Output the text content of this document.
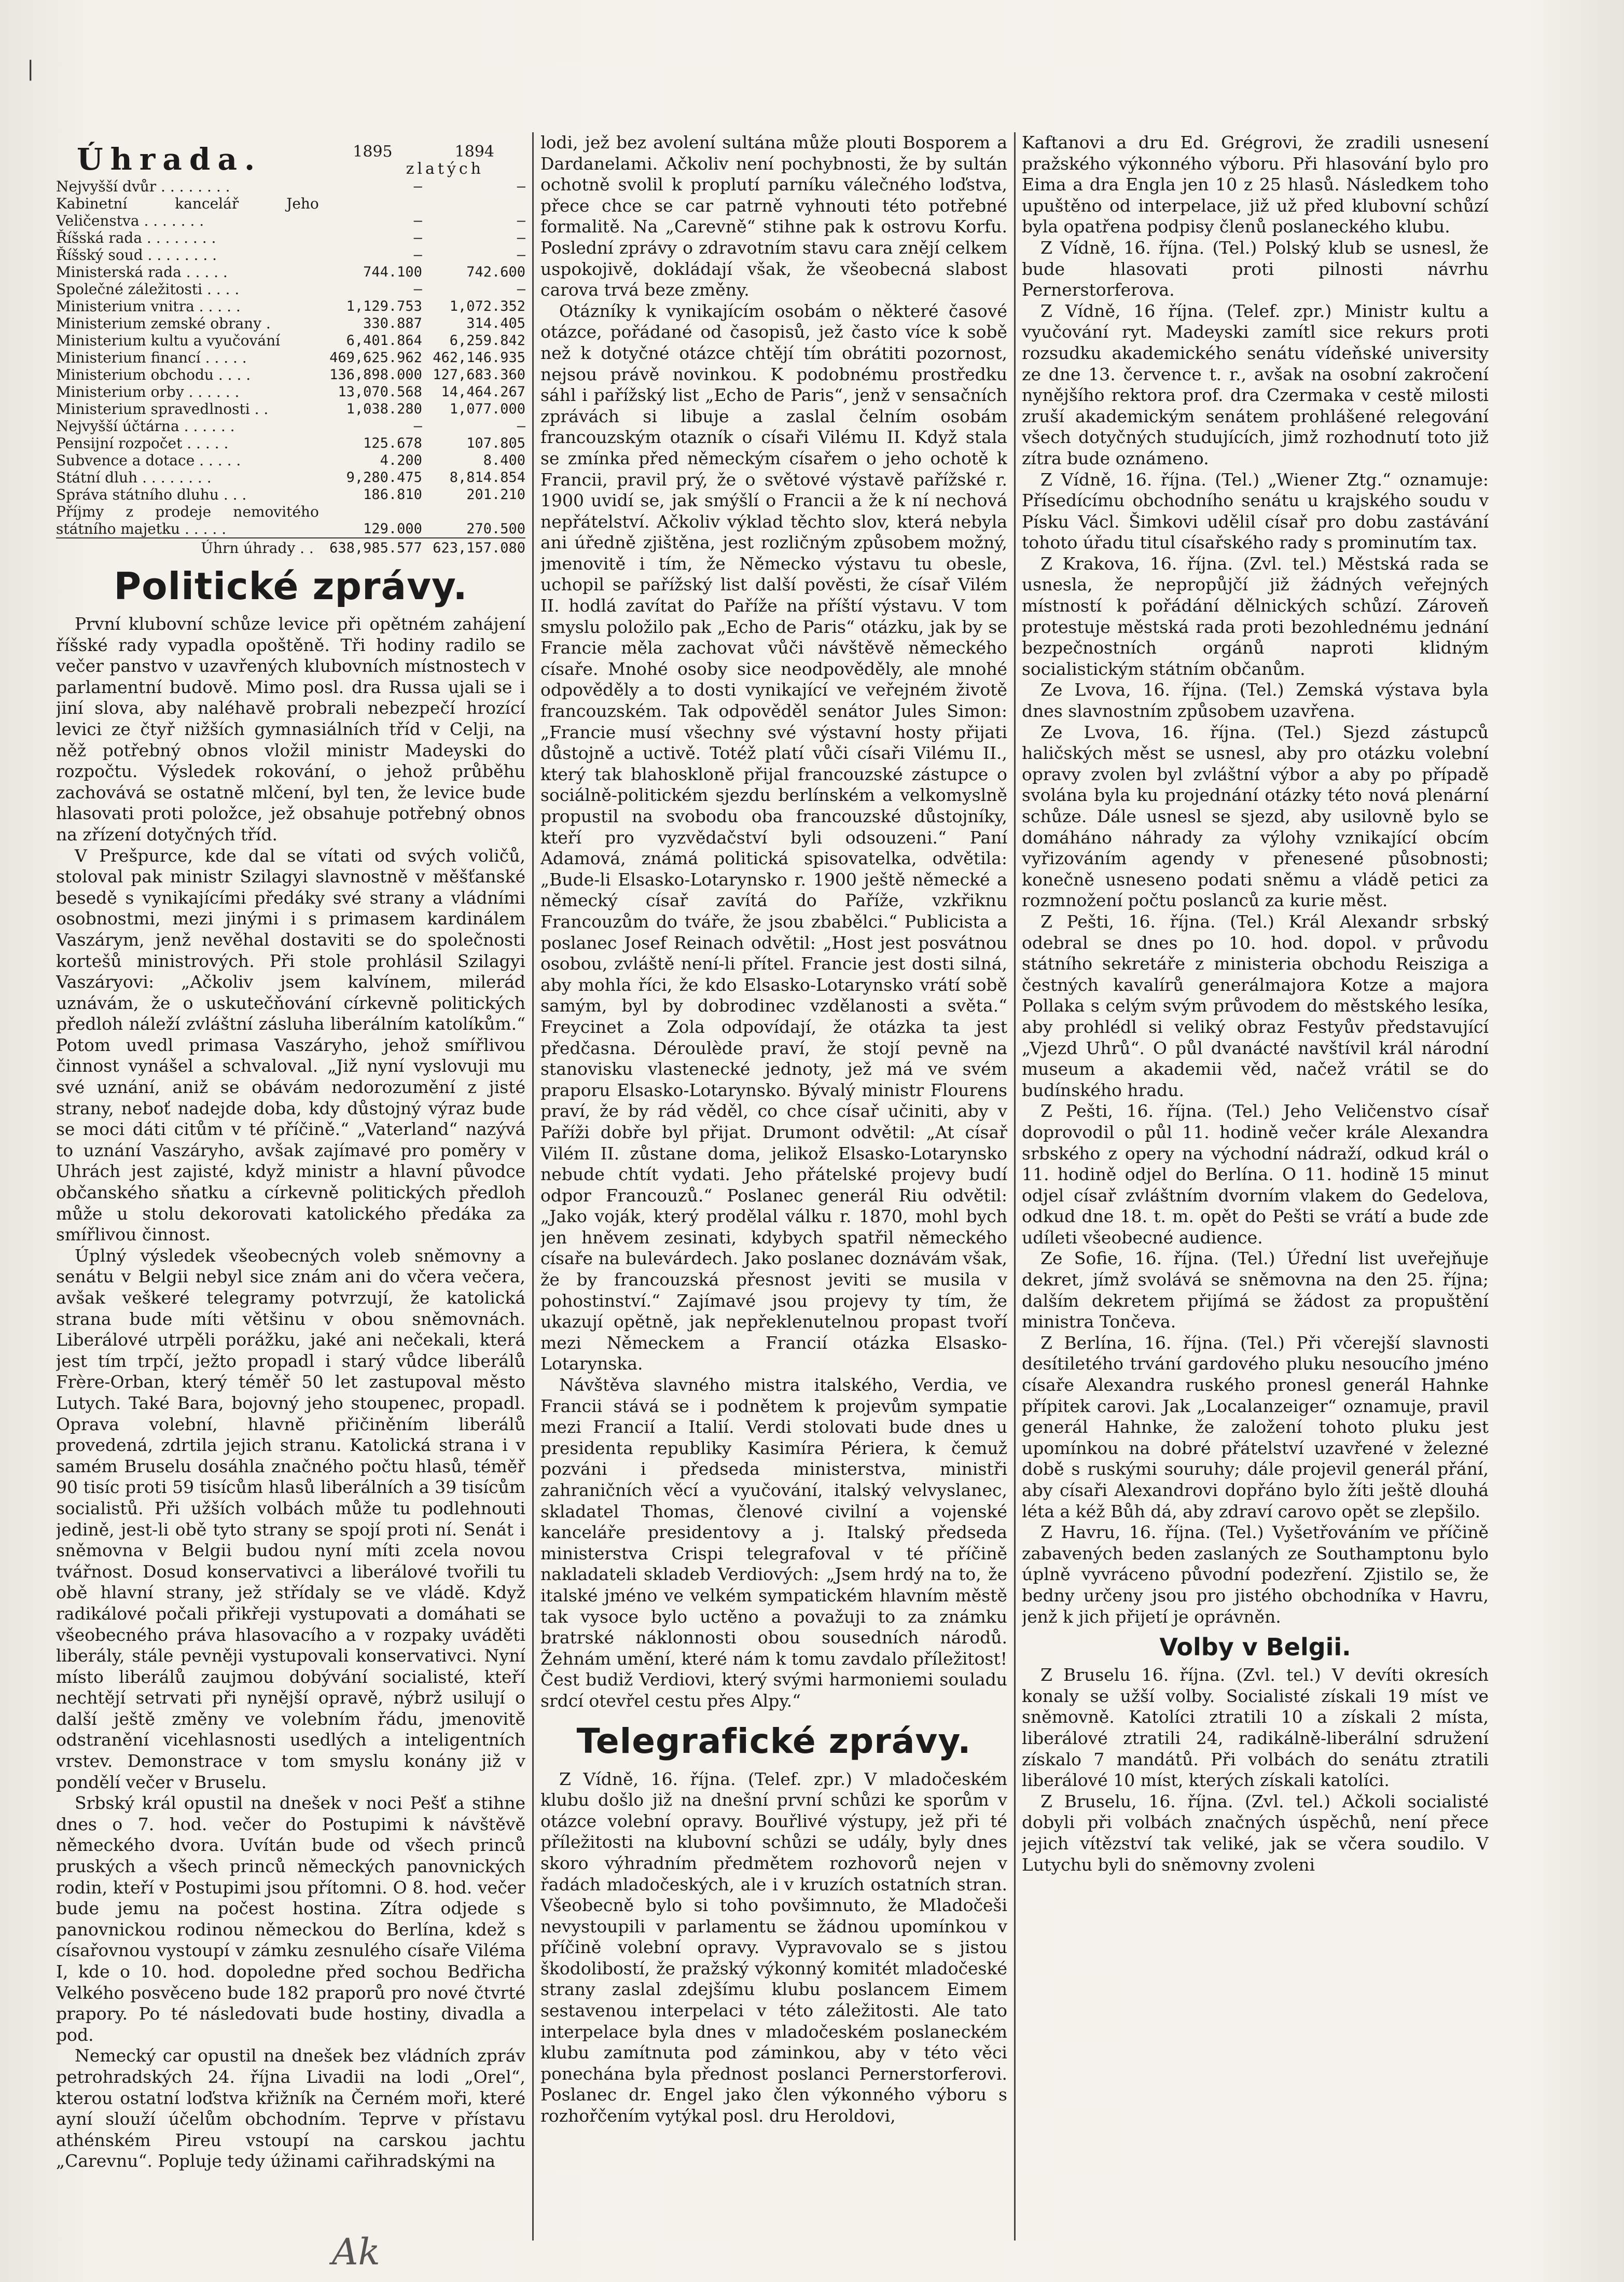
|
Ak
Úhrada.	1895	1894
zlatých
Nejvyšší dvůr . . . . . . . .	—	—
Kabinetní kancelář Jeho Veličenstva . . . . . . .	—	—
Říšská rada . . . . . . . .	—	—
Říšský soud . . . . . . . .	—	—
Ministerská rada . . . . .	744.100	742.600
Společné záležitosti . . . .	—	—
Ministerium vnitra . . . . .	1,129.753	1,072.352
Ministerium zemské obrany .	330.887	314.405
Ministerium kultu a vyučování	6,401.864	6,259.842
Ministerium financí . . . . .	469,625.962	462,146.935
Ministerium obchodu . . . .	136,898.000	127,683.360
Ministerium orby . . . . . .	13,070.568	14,464.267
Ministerium spravedlnosti . .	1,038.280	1,077.000
Nejvyšší účtárna . . . . . .	—	—
Pensijní rozpočet . . . . .	125.678	107.805
Subvence a dotace . . . . .	4.200	8.400
Státní dluh . . . . . . . .	9,280.475	8,814.854
Správa státního dluhu . . .	186.810	201.210
Příjmy z prodeje nemovitého státního majetku . . . . .	129.000	270.500
Úhrn úhrady . .	638,985.577	623,157.080
Politické zprávy.

První klubovní schůze levice při opětném zahájení říšské rady vypadla opoštěně. Tři hodiny radilo se večer panstvo v uzavřených klubovních místnostech v parlamentní budově. Mimo posl. dra Russa ujali se i jiní slova, aby naléhavě probrali nebezpečí hrozící levici ze čtyř nižších gymnasiálních tříd v Celji, na něž potřebný obnos vložil ministr Madeyski do rozpočtu. Výsledek rokování, o jehož průběhu zachovává se ostatně mlčení, byl ten, že levice bude hlasovati proti položce, jež obsahuje potřebný obnos na zřízení dotyčných tříd.

V Prešpurce, kde dal se vítati od svých voličů, stoloval pak ministr Szilagyi slavnostně v měšťanské besedě s vynikajícími předáky své strany a vládními osobnostmi, mezi jinými i s primasem kardinálem Vaszárym, jenž nevěhal dostaviti se do společnosti kortešů ministrových. Při stole prohlásil Szilagyi Vaszáryovi: „Ačkoliv jsem kalvínem, milerád uznávám, že o uskutečňování církevně politických předloh náleží zvláštní zásluha liberálním katolíkům.“ Potom uvedl primasa Vaszáryho, jehož smířlivou činnost vynášel a schvaloval. „Již nyní vyslovuji mu své uznání, aniž se obávám nedorozumění z jisté strany, neboť nadejde doba, kdy důstojný výraz bude se moci dáti citům v té příčině.“ „Vaterland“ nazývá to uznání Vaszáryho, avšak zajímavé pro poměry v Uhrách jest zajisté, když ministr a hlavní původce občanského sňatku a církevně politických předloh může u stolu dekorovati katolického předáka za smířlivou činnost.

Úplný výsledek všeobecných voleb sněmovny a senátu v Belgii nebyl sice znám ani do včera večera, avšak veškeré telegramy potvrzují, že katolická strana bude míti většinu v obou sněmovnách. Liberálové utrpěli porážku, jaké ani nečekali, která jest tím trpčí, ježto propadl i starý vůdce liberálů Frère-Orban, který téměř 50 let zastupoval město Lutych. Také Bara, bojovný jeho stoupenec, propadl. Oprava volební, hlavně přičiněním liberálů provedená, zdrtila jejich stranu. Katolická strana i v samém Bruselu dosáhla značného počtu hlasů, téměř 90 tisíc proti 59 tisícům hlasů liberálních a 39 tisícům socialistů. Při užších volbách může tu podlehnouti jedině, jest-li obě tyto strany se spojí proti ní. Senát i sněmovna v Belgii budou nyní míti zcela novou tvářnost. Dosud konservativci a liberálové tvořili tu obě hlavní strany, jež střídaly se ve vládě. Když radikálové počali přikřeji vystupovati a domáhati se všeobecného práva hlasovacího a v rozpaky uváděti liberály, stále pevněji vystupovali konservativci. Nyní místo liberálů zaujmou dobývání socialisté, kteří nechtějí setrvati při nynější opravě, nýbrž usilují o další ještě změny ve volebním řádu, jmenovitě odstranění vicehlasnosti usedlých a inteligentních vrstev. Demonstrace v tom smyslu konány již v pondělí večer v Bruselu.

Srbský král opustil na dnešek v noci Pešť a stihne dnes o 7. hod. večer do Postupimi k návštěvě německého dvora. Uvítán bude od všech princů pruských a všech princů německých panovnických rodin, kteří v Postupimi jsou přítomni. O 8. hod. večer bude jemu na počest hostina. Zítra odjede s panovnickou rodinou německou do Berlína, kdež s císařovnou vystoupí v zámku zesnulého císaře Viléma I, kde o 10. hod. dopoledne před sochou Bedřicha Velkého posvěceno bude 182 praporů pro nové čtvrté prapory. Po té následovati bude hostiny, divadla a pod.

Nemecký car opustil na dnešek bez vládních zpráv petrohradských 24. října Livadii na lodi „Orel“, kterou ostatní loďstva křižník na Černém moři, které ayní slouží účelům obchodním. Teprve v přístavu athénském Pireu vstoupí na carskou jachtu „Carevnu“. Popluje tedy úžinami cařihradskými na

lodi, jež bez avolení sultána může plouti Bosporem a Dardanelami. Ačkoliv není pochybnosti, že by sultán ochotně svolil k proplutí parníku válečného loďstva, přece chce se car patrně vyhnouti této potřebné formalitě. Na „Carevně“ stihne pak k ostrovu Korfu. Poslední zprávy o zdravotním stavu cara znějí celkem uspokojivě, dokládají však, že všeobecná slabost carova trvá beze změny.

Otázníky k vynikajícím osobám o některé časové otázce, pořádané od časopisů, jež často více k sobě než k dotyčné otázce chtějí tím obrátiti pozornost, nejsou právě novinkou. K podobnému prostředku sáhl i pařížský list „Echo de Paris“, jenž v sensačních zprávách si libuje a zaslal čelním osobám francouzským otazník o císaři Vilému II. Když stala se zmínka před německým císařem o jeho ochotě k Francii, pravil prý, že o světové výstavě pařížské r. 1900 uvidí se, jak smýšlí o Francii a že k ní nechová nepřátelství. Ačkoliv výklad těchto slov, která nebyla ani úředně zjištěna, jest rozličným způsobem možný, jmenovitě i tím, že Německo výstavu tu obeslе, uchopil se pařížský list další pověsti, že císař Vilém II. hodlá zavítat do Paříže na příští výstavu. V tom smyslu položilo pak „Echo de Paris“ otázku, jak by se Francie měla zachovat vůči návštěvě německého císaře. Mnohé osoby sice neodpověděly, ale mnohé odpověděly a to dosti vynikající ve veřejném životě francouzském. Tak odpověděl senátor Jules Simon: „Francie musí všechny své výstavní hosty přijati důstojně a uctivě. Totéž platí vůči císaři Vilému II., který tak blahoskloně přijal francouzské zástupce o sociálně-politickém sjezdu berlínském a velkomyslně propustil na svobodu oba francouzské důstojníky, kteří pro vyzvědačství byli odsouzeni.“ Paní Adamová, známá politická spisovatelka, odvětila: „Bude-li Elsasko-Lotarynsko r. 1900 ještě německé a německý císař zavítá do Paříže, vzkřiknu Francouzům do tváře, že jsou zbabělci.“ Publicista a poslanec Josef Reinach odvětil: „Host jest posvátnou osobou, zvláště není-li přítel. Francie jest dosti silná, aby mohla říci, že kdo Elsasko-Lotarynsko vrátí sobě samým, byl by dobrodinec vzdělanosti a světa.“ Freycinet a Zola odpovídají, že otázka ta jest předčasna. Déroulède praví, že stojí pevně na stanovisku vlastenecké jednoty, jež má ve svém praporu Elsasko-Lotarynsko. Bývalý ministr Flourens praví, že by rád věděl, co chce císař učiniti, aby v Paříži dobře byl přijat. Drumont odvětil: „At císař Vilém II. zůstane doma, jelikož Elsasko-Lotarynsko nebude chtít vydati. Jeho přátelské projevy budí odpor Francouzů.“ Poslanec generál Riu odvětil: „Jako voják, který prodělal válku r. 1870, mohl bych jen hněvem zesinati, kdybych spatřil německého císaře na bulevárdech. Jako poslanec doznávám však, že by francouzská přesnost jeviti se musila v pohostinství.“ Zajímavé jsou projevy ty tím, že ukazují opětně, jak nepřeklenutelnou propast tvoří mezi Německem a Francií otázka Elsasko-Lotarynska.

Návštěva slavného mistra italského, Verdia, ve Francii stává se i podnětem k projevům sympatie mezi Francií a Italií. Verdi stolovati bude dnes u presidenta republiky Kasimíra Périera, k čemuž pozváni i předseda ministerstva, ministři zahraničních věcí a vyučování, italský velvyslanec, skladatel Thomas, členové civilní a vojenské kanceláře presidentovy a j. Italský předseda ministerstva Crispi telegrafoval v té příčině nakladateli skladeb Verdiových: „Jsem hrdý na to, že italské jméno ve velkém sympatickém hlavním městě tak vysoce bylo uctěno a považuji to za známku bratrské náklonnosti obou sousedních národů. Žehnám umění, které nám k tomu zavdalo příležitost! Čest budiž Verdiovi, který svými harmoniemi souladu srdcí otevřel cestu přes Alpy.“

Telegrafické zprávy.

Z Vídně, 16. října. (Telef. zpr.) V mladočeském klubu došlo již na dnešní první schůzi ke sporům v otázce volební opravy. Bouřlivé výstupy, jež při té příležitosti na klubovní schůzi se udály, byly dnes skoro výhradním předmětem rozhovorů nejen v řadách mladočeských, ale i v kruzích ostatních stran. Všeobecně bylo si toho povšimnuto, že Mladočeši nevystoupili v parlamentu se žádnou upomínkou v příčině volební opravy. Vypravovalo se s jistou škodolibostí, že pražský výkonný komitét mladočeské strany zaslal zdejšímu klubu poslancem Eimem sestavenou interpelaci v této záležitosti. Ale tato interpelace byla dnes v mladočeském poslaneckém klubu zamítnuta pod záminkou, aby v této věci ponechána byla přednost poslanci Pernerstorferovi. Poslanec dr. Engel jako člen výkonného výboru s rozhořčením vytýkal posl. dru Heroldovi,

Kaftanovi a dru Ed. Grégrovi, že zradili usnesení pražského výkonného výboru. Při hlasování bylo pro Eima a dra Engla jen 10 z 25 hlasů. Následkem toho upuštěno od interpelace, již už před klubovní schůzí byla opatřena podpisy členů poslaneckého klubu.

Z Vídně, 16. října. (Tel.) Polský klub se usnesl, že bude hlasovati proti pilnosti návrhu Pernerstorferova.

Z Vídně, 16 října. (Telef. zpr.) Ministr kultu a vyučování ryt. Madeyski zamítl sice rekurs proti rozsudku akademického senátu vídeňské university ze dne 13. července t. r., avšak na osobní zakročení nynějšího rektora prof. dra Czermaka v cestě milosti zruší akademickým senátem prohlášené relegování všech dotyčných studujících, jimž rozhodnutí toto již zítra bude oznámeno.

Z Vídně, 16. října. (Tel.) „Wiener Ztg.“ oznamuje: Přísedícímu obchodního senátu u krajského soudu v Písku Václ. Šimkovi udělil císař pro dobu zastávání tohoto úřadu titul císařského rady s prominutím tax.

Z Krakova, 16. října. (Zvl. tel.) Městská rada se usnesla, že nepropůjčí již žádných veřejných místností k pořádání dělnických schůzí. Zároveň protestuje městská rada proti bezohlednému jednání bezpečnostních orgánů naproti klidným socialistickým státním občanům.

Ze Lvova, 16. října. (Tel.) Zemská výstava byla dnes slavnostním způsobem uzavřena.

Ze Lvova, 16. října. (Tel.) Sjezd zástupců haličských měst se usnesl, aby pro otázku volební opravy zvolen byl zvláštní výbor a aby po případě svolána byla ku projednání otázky této nová plenární schůze. Dále usnesl se sjezd, aby usilovně bylo se domáháno náhrady za výlohy vznikající obcím vyřizováním agendy v přenesené působnosti; konečně usneseno podati sněmu a vládě petici za rozmnožení počtu poslanců za kurie měst.

Z Pešti, 16. října. (Tel.) Král Alexandr srbský odebral se dnes po 10. hod. dopol. v průvodu státního sekretáře z ministeria obchodu Reisziga a čestných kavalírů generálmajora Kotze a majora Pollaka s celým svým průvodem do městského lesíka, aby prohlédl si veliký obraz Festyův představující „Vjezd Uhrů“. O půl dvanácté navštívil král národní museum a akademii věd, načež vrátil se do budínského hradu.

Z Pešti, 16. října. (Tel.) Jeho Veličenstvo císař doprovodil o půl 11. hodině večer krále Alexandra srbského z opery na východní nádraží, odkud král o 11. hodině odjel do Berlína. O 11. hodině 15 minut odjel císař zvláštním dvorním vlakem do Gedelova, odkud dne 18. t. m. opět do Pešti se vrátí a bude zde udíleti všeobecné audience.

Ze Sofie, 16. října. (Tel.) Úřední list uveřejňuje dekret, jímž svolává se sněmovna na den 25. října; dalším dekretem přijímá se žádost za propuštění ministra Tončeva.

Z Berlína, 16. října. (Tel.) Při včerejší slavnosti desítiletého trvání gardového pluku nesoucího jméno císaře Alexandra ruského pronesl generál Hahnke přípitek carovi. Jak „Localanzeiger“ oznamuje, pravil generál Hahnke, že založení tohoto pluku jest upomínkou na dobré přátelství uzavřené v železné době s ruskými souruhy; dále projevil generál přání, aby císaři Alexandrovi dopřáno bylo žíti ještě dlouhá léta a kéž Bůh dá, aby zdraví carovo opět se zlepšilo.

Z Havru, 16. října. (Tel.) Vyšetřováním ve příčině zabavených beden zaslaných ze Southamptonu bylo úplně vyvráceno původní podezření. Zjistilo se, že bedny určeny jsou pro jistého obchodníka v Havru, jenž k jich přijetí je oprávněn.

Volby v Belgii.

Z Bruselu 16. října. (Zvl. tel.) V devíti okresích konaly se užší volby. Socialisté získali 19 míst ve sněmovně. Katolíci ztratili 10 a získali 2 místa, liberálové ztratili 24, radikálně-liberální sdružení získalo 7 mandátů. Při volbách do senátu ztratili liberálové 10 míst, kterých získali katolíci.

Z Bruselu, 16. října. (Zvl. tel.) Ačkoli socialisté dobyli při volbách značných úspěchů, není přece jejich vítězství tak veliké, jak se včera soudilo. V Lutychu byli do sněmovny zvoleni
